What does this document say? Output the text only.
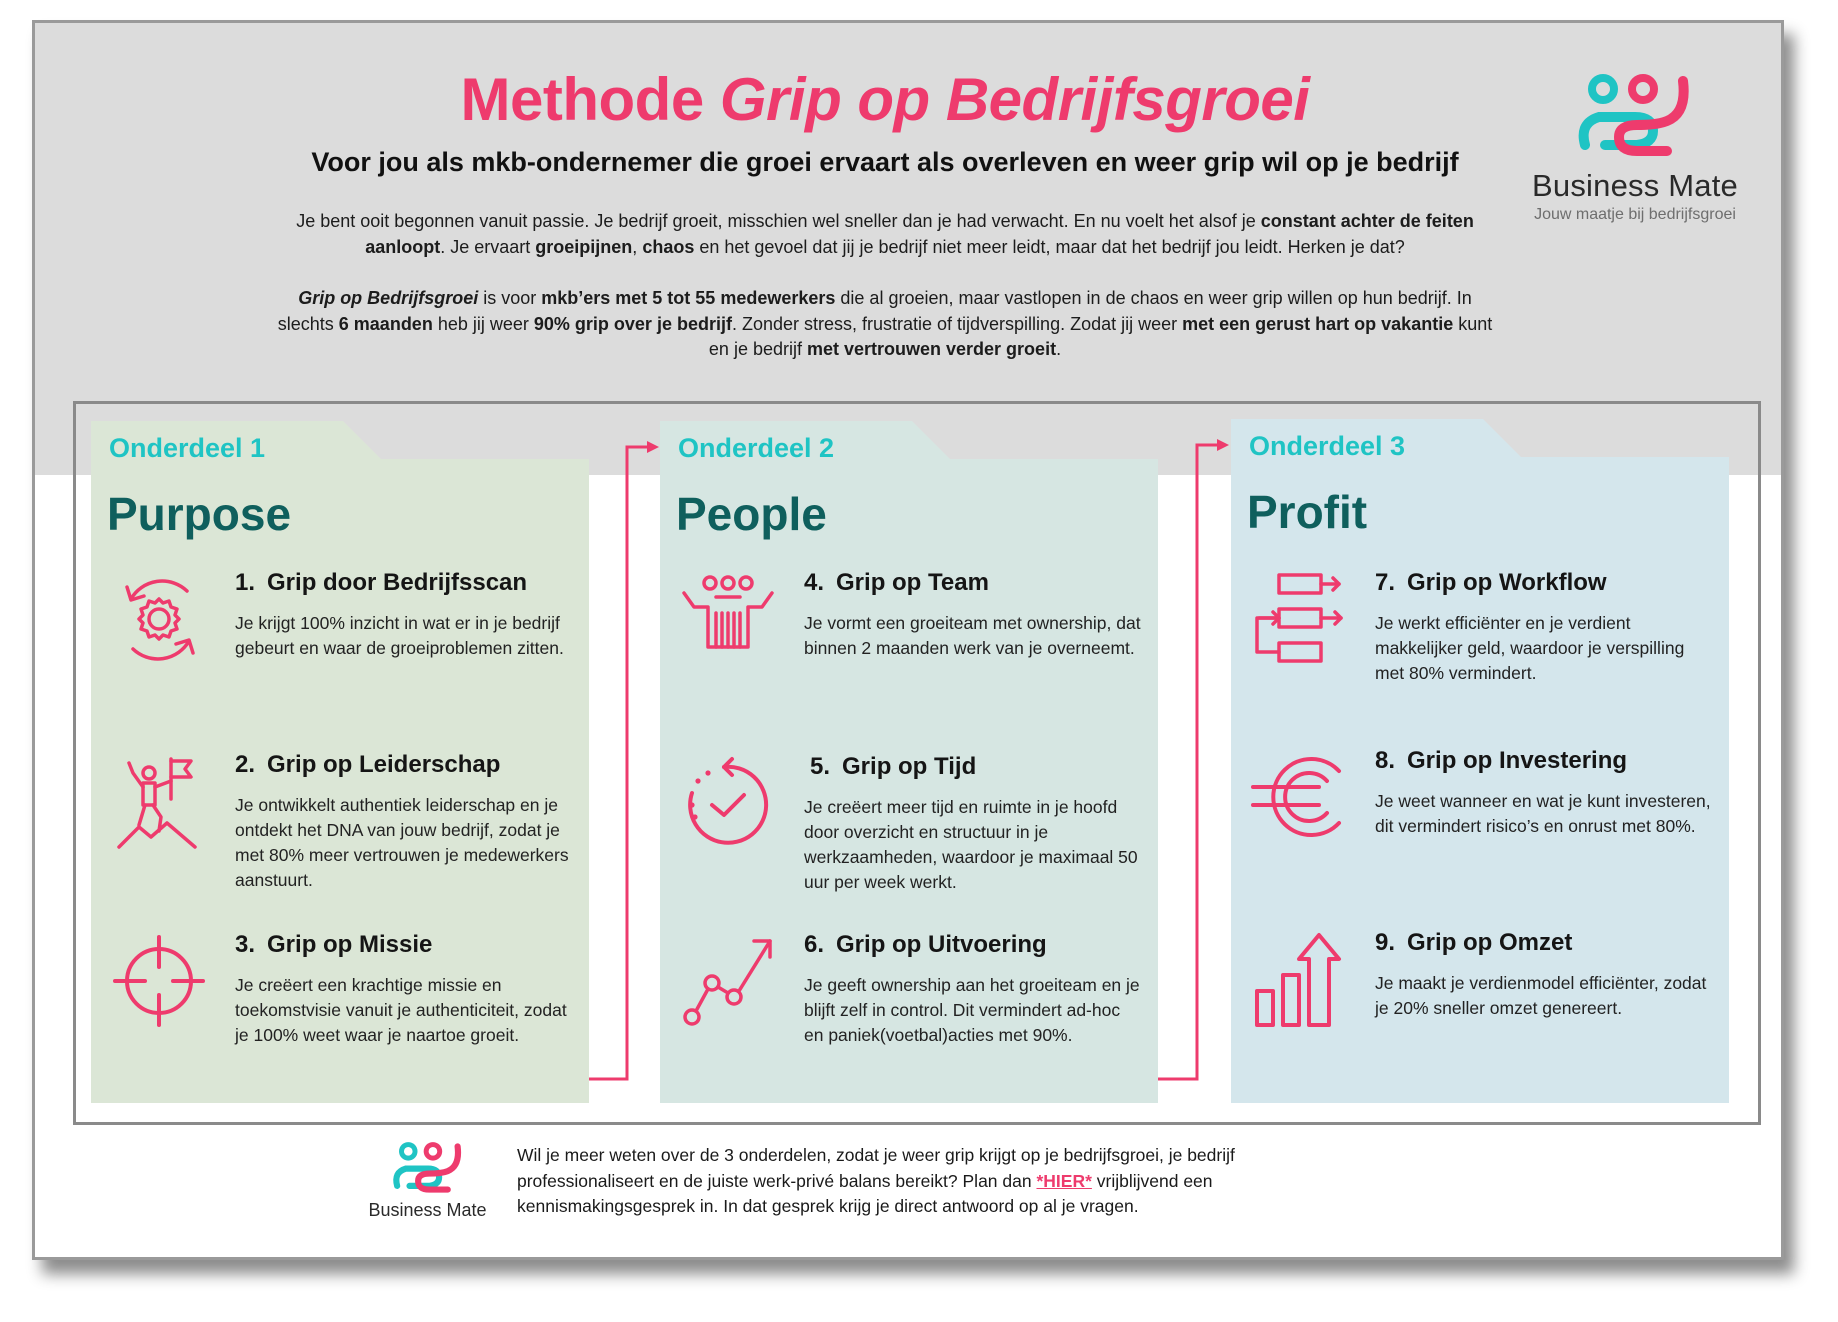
Methode Grip op Bedrijfsgroei
Voor jou als mkb-ondernemer die groei ervaart als overleven en weer grip wil op je bedrijf

Je bent ooit begonnen vanuit passie. Je bedrijf groeit, misschien wel sneller dan je had verwacht. En nu voelt het alsof je constant achter de feiten aanloopt. Je ervaart groeipijnen, chaos en het gevoel dat jij je bedrijf niet meer leidt, maar dat het bedrijf jou leidt. Herken je dat?

Grip op Bedrijfsgroei is voor mkb’ers met 5 tot 55 medewerkers die al groeien, maar vastlopen in de chaos en weer grip willen op hun bedrijf. In slechts 6 maanden heb jij weer 90% grip over je bedrijf. Zonder stress, frustratie of tijdverspilling. Zodat jij weer met een gerust hart op vakantie kunt en je bedrijf met vertrouwen verder groeit.

Business Mate
Jouw maatje bij bedrijfsgroei
Onderdeel 1
Purpose
1. Grip door Bedrijfsscan
Je krijgt 100% inzicht in wat er in je bedrijf gebeurt en waar de groeiproblemen zitten.
2. Grip op Leiderschap
Je ontwikkelt authentiek leiderschap en je ontdekt het DNA van jouw bedrijf, zodat je met 80% meer vertrouwen je medewerkers aanstuurt.
3. Grip op Missie
Je creëert een krachtige missie en toekomstvisie vanuit je authenticiteit, zodat je 100% weet waar je naartoe groeit.
Onderdeel 2
People
4. Grip op Team
Je vormt een groeiteam met ownership, dat binnen 2 maanden werk van je overneemt.
5. Grip op Tijd
Je creëert meer tijd en ruimte in je hoofd door overzicht en structuur in je werkzaamheden, waardoor je maximaal 50 uur per week werkt.
6. Grip op Uitvoering
Je geeft ownership aan het groeiteam en je blijft zelf in control. Dit vermindert ad-hoc en paniek(voetbal)acties met 90%.
Onderdeel 3
Profit
7. Grip op Workflow
Je werkt efficiënter en je verdient makkelijker geld, waardoor je verspilling met 80% vermindert.
8. Grip op Investering
Je weet wanneer en wat je kunt investeren, dit vermindert risico’s en onrust met 80%.
9. Grip op Omzet
Je maakt je verdienmodel efficiënter, zodat je 20% sneller omzet genereert.
Business Mate
Wil je meer weten over de 3 onderdelen, zodat je weer grip krijgt op je bedrijfsgroei, je bedrijf professionaliseert en de juiste werk-privé balans bereikt? Plan dan *HIER* vrijblijvend een kennismakingsgesprek in. In dat gesprek krijg je direct antwoord op al je vragen.
